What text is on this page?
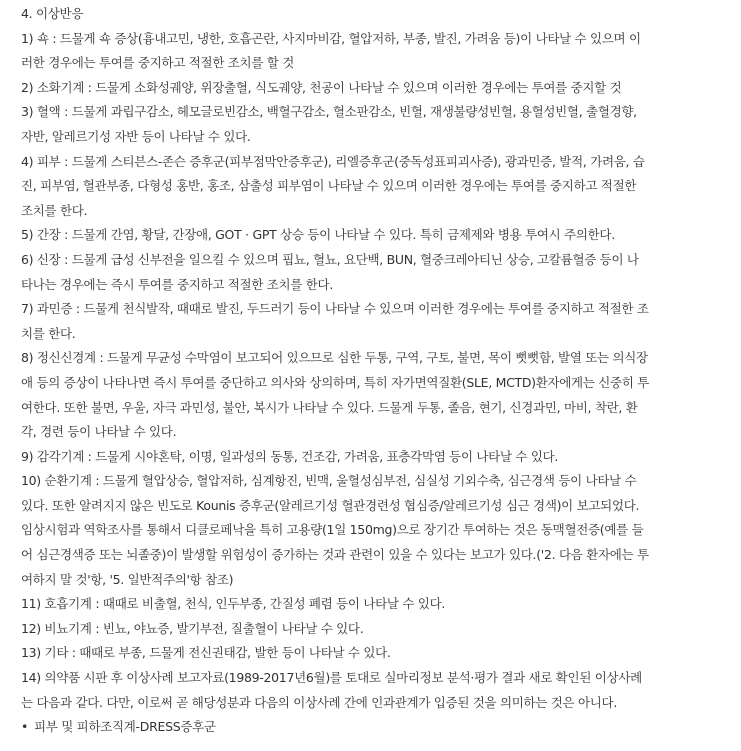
4. 이상반응
1) 쇽 : 드물게 쇽 증상(흉내고민, 냉한, 호흡곤란, 사지마비감, 혈압저하, 부종, 발진, 가려움 등)이 나타날 수 있으며 이
러한 경우에는 투여를 중지하고 적절한 조치를 할 것
2) 소화기계 : 드물게 소화성궤양, 위장출혈, 식도궤양, 천공이 나타날 수 있으며 이러한 경우에는 투여를 중지할 것
3) 혈액 : 드물게 과립구감소, 헤모글로빈감소, 백혈구감소, 혈소판감소, 빈혈, 재생불량성빈혈, 용혈성빈혈, 출혈경향,
자반, 알레르기성 자반 등이 나타날 수 있다.
4) 피부 : 드물게 스티븐스-존슨 증후군(피부점막안증후군), 리엘증후군(중독성표피괴사증), 광과민증, 발적, 가려움, 습
진, 피부염, 혈관부종, 다형성 홍반, 홍조, 삼출성 피부염이 나타날 수 있으며 이러한 경우에는 투여를 중지하고 적절한
조치를 한다.
5) 간장 : 드물게 간염, 황달, 간장애, GOT · GPT 상승 등이 나타날 수 있다. 특히 금제제와 병용 투여시 주의한다.
6) 신장 : 드물게 급성 신부전을 일으킬 수 있으며 핍뇨, 혈뇨, 요단백, BUN, 혈중크레아티닌 상승, 고칼륨혈증 등이 나
타나는 경우에는 즉시 투여를 중지하고 적절한 조치를 한다.
7) 과민증 : 드물게 천식발작, 때때로 발진, 두드러기 등이 나타날 수 있으며 이러한 경우에는 투여를 중지하고 적절한 조
치를 한다.
8) 정신신경계 : 드물게 무균성 수막염이 보고되어 있으므로 심한 두통, 구역, 구토, 불면, 목이 뻣뻣함, 발열 또는 의식장
애 등의 증상이 나타나면 즉시 투여를 중단하고 의사와 상의하며, 특히 자가면역질환(SLE, MCTD)환자에게는 신중히 투
여한다. 또한 불면, 우울, 자극 과민성, 불안, 복시가 나타날 수 있다. 드물게 두통, 졸음, 현기, 신경과민, 마비, 착란, 환
각, 경련 등이 나타날 수 있다.
9) 감각기계 : 드물게 시야혼탁, 이명, 일과성의 동통, 건조감, 가려움, 표층각막염 등이 나타날 수 있다.
10) 순환기계 : 드물게 혈압상승, 혈압저하, 심계항진, 빈맥, 울혈성심부전, 심실성 기외수축, 심근경색 등이 나타날 수
있다. 또한 알려지지 않은 빈도로 Kounis 증후군(알레르기성 혈관경련성 협심증/알레르기성 심근 경색)이 보고되었다.
임상시험과 역학조사를 통해서 디클로페낙을 특히 고용량(1일 150mg)으로 장기간 투여하는 것은 동맥혈전증(예를 들
어 심근경색증 또는 뇌졸중)이 발생할 위험성이 증가하는 것과 관련이 있을 수 있다는 보고가 있다.('2. 다음 환자에는 투
여하지 말 것'항, '5. 일반적주의'항 참조)
11) 호흡기계 : 때때로 비출혈, 천식, 인두부종, 간질성 폐렴 등이 나타날 수 있다.
12) 비뇨기계 : 빈뇨, 야뇨증, 발기부전, 질출혈이 나타날 수 있다.
13) 기타 : 때때로 부종, 드물게 전신권태감, 발한 등이 나타날 수 있다.
14) 의약품 시판 후 이상사례 보고자료(1989-2017년6월)를 토대로 실마리정보 분석·평가 결과 새로 확인된 이상사례
는 다음과 같다. 다만, 이로써 곧 해당성분과 다음의 이상사례 간에 인과관계가 입증된 것을 의미하는 것은 아니다.
• 피부 및 피하조직계-DRESS증후군
